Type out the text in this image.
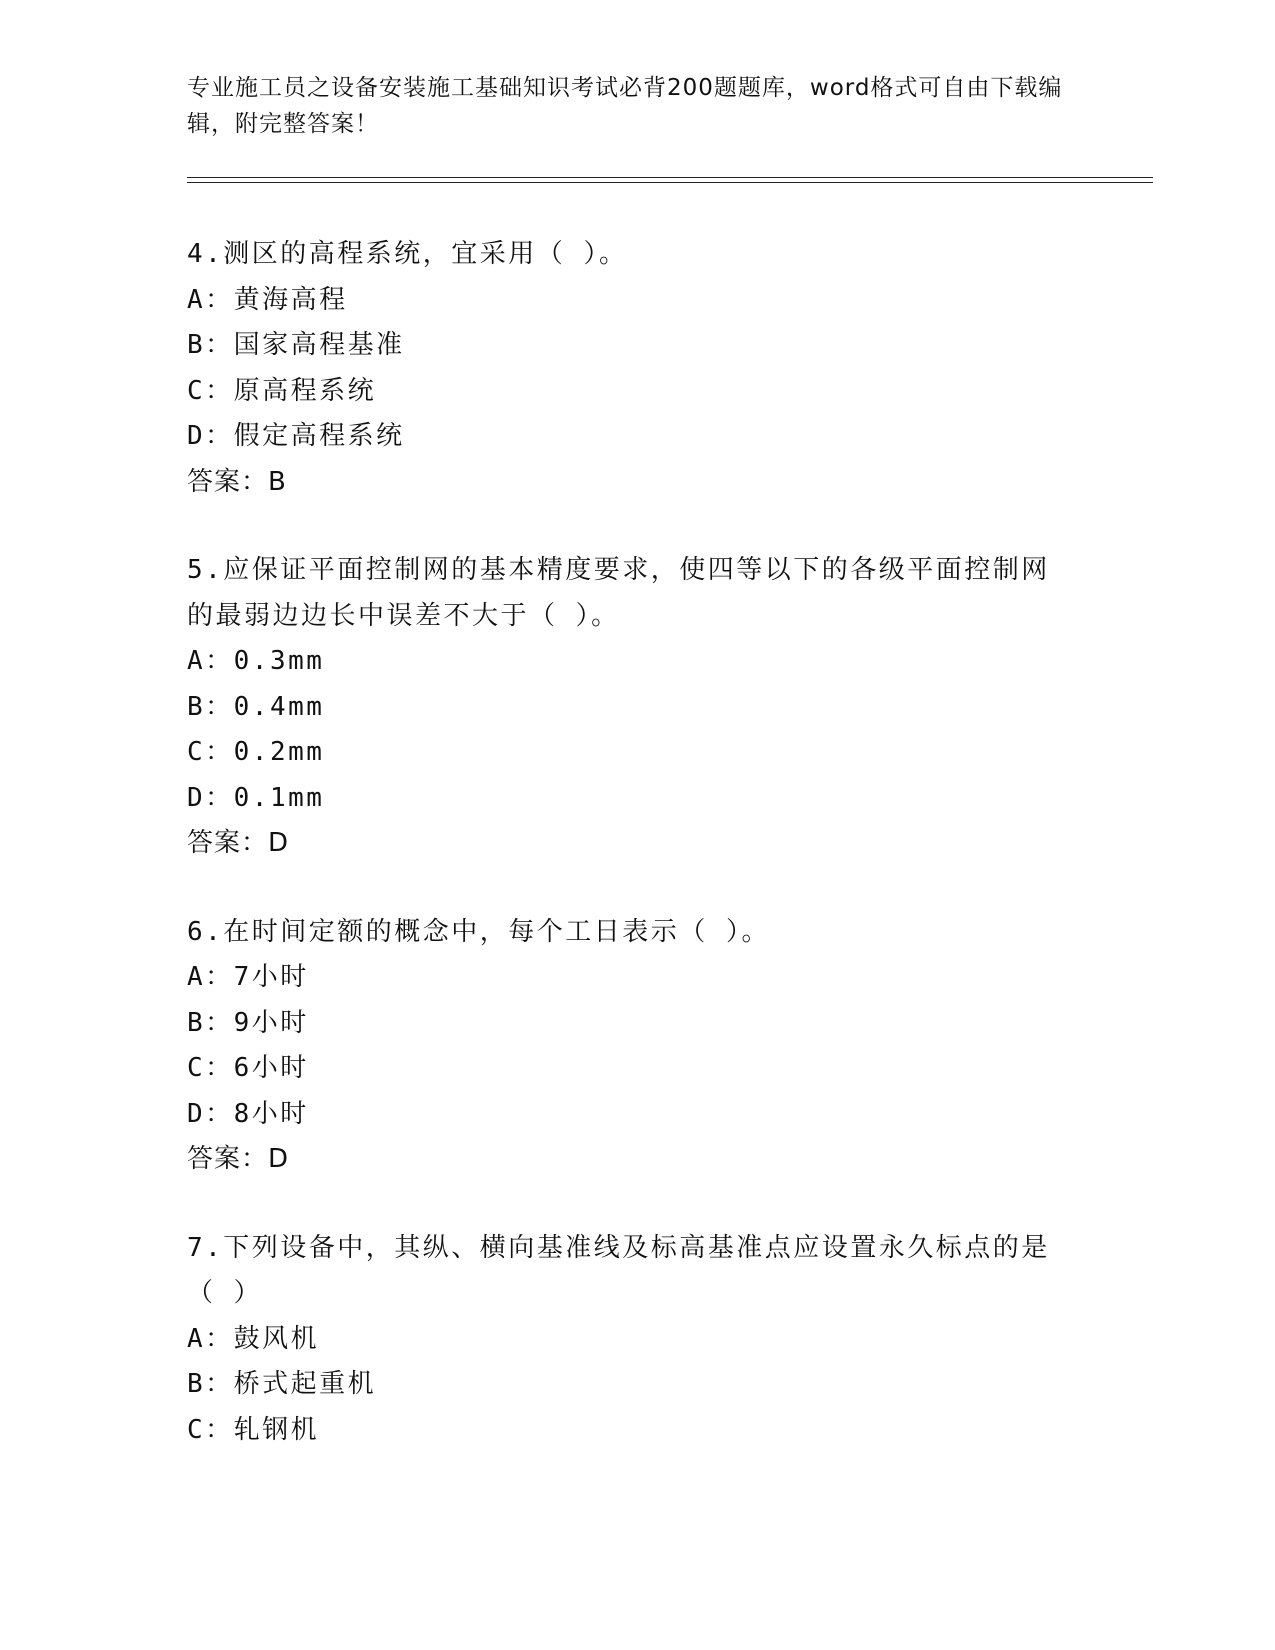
专业施工员之设备安装施工基础知识考试必背200题题库，word格式可自由下载编辑，附完整答案！
4.测区的高程系统，宜采用（ ）。
A：黄海高程
B：国家高程基准
C：原高程系统
D：假定高程系统
答案：B
5.应保证平面控制网的基本精度要求，使四等以下的各级平面控制网的最弱边边长中误差不大于（ ）。
A：0.3mm
B：0.4mm
C：0.2mm
D：0.1mm
答案：D
6.在时间定额的概念中，每个工日表示（ ）。
A：7小时
B：9小时
C：6小时
D：8小时
答案：D
7.下列设备中，其纵、横向基准线及标高基准点应设置永久标点的是（ ）
A：鼓风机
B：桥式起重机
C：轧钢机
